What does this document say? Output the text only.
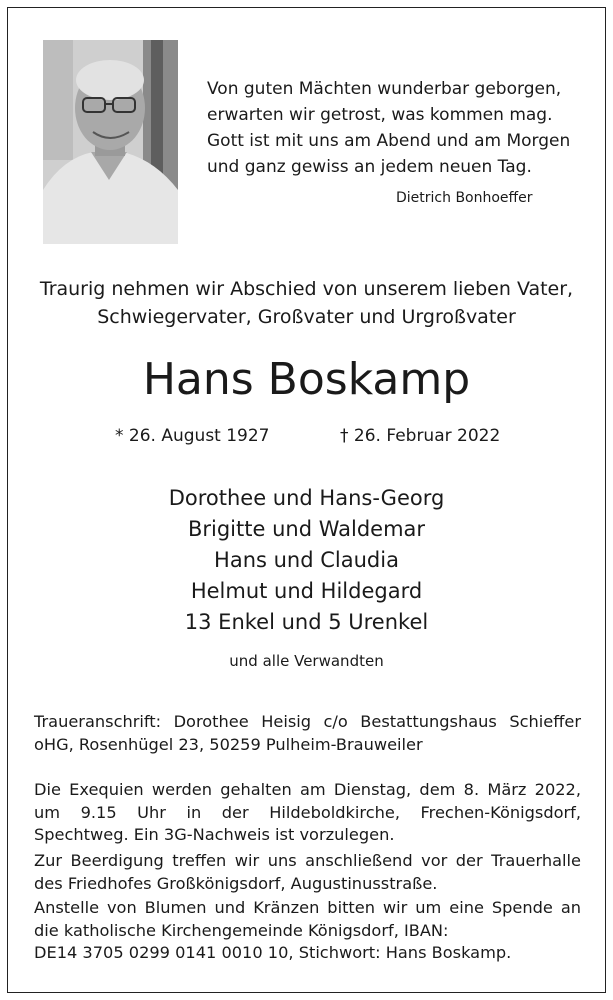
Von guten Mächten wunderbar geborgen,
erwarten wir getrost, was kommen mag.
Gott ist mit uns am Abend und am Morgen
und ganz gewiss an jedem neuen Tag.
Dietrich Bonhoeffer
Traurig nehmen wir Abschied von unserem lieben Vater,
Schwiegervater, Großvater und Urgroßvater
Hans Boskamp
* 26. August 1927	† 26. Februar 2022
Dorothee und Hans-Georg
Brigitte und Waldemar
Hans und Claudia
Helmut und Hildegard
13 Enkel und 5 Urenkel
und alle Verwandten
Traueranschrift: Dorothee Heisig c/o Bestattungshaus Schieffer
oHG, Rosenhügel 23, 50259 Pulheim-Brauweiler
Die Exequien werden gehalten am Dienstag, dem 8. März 2022,
um 9.15 Uhr in der Hildeboldkirche, Frechen-Königsdorf,
Spechtweg. Ein 3G-Nachweis ist vorzulegen.
Zur Beerdigung treffen wir uns anschließend vor der Trauerhalle
des Friedhofes Großkönigsdorf, Augustinusstraße.
Anstelle von Blumen und Kränzen bitten wir um eine Spende an
die katholische Kirchengemeinde Königsdorf, IBAN:
DE14 3705 0299 0141 0010 10, Stichwort: Hans Boskamp.
